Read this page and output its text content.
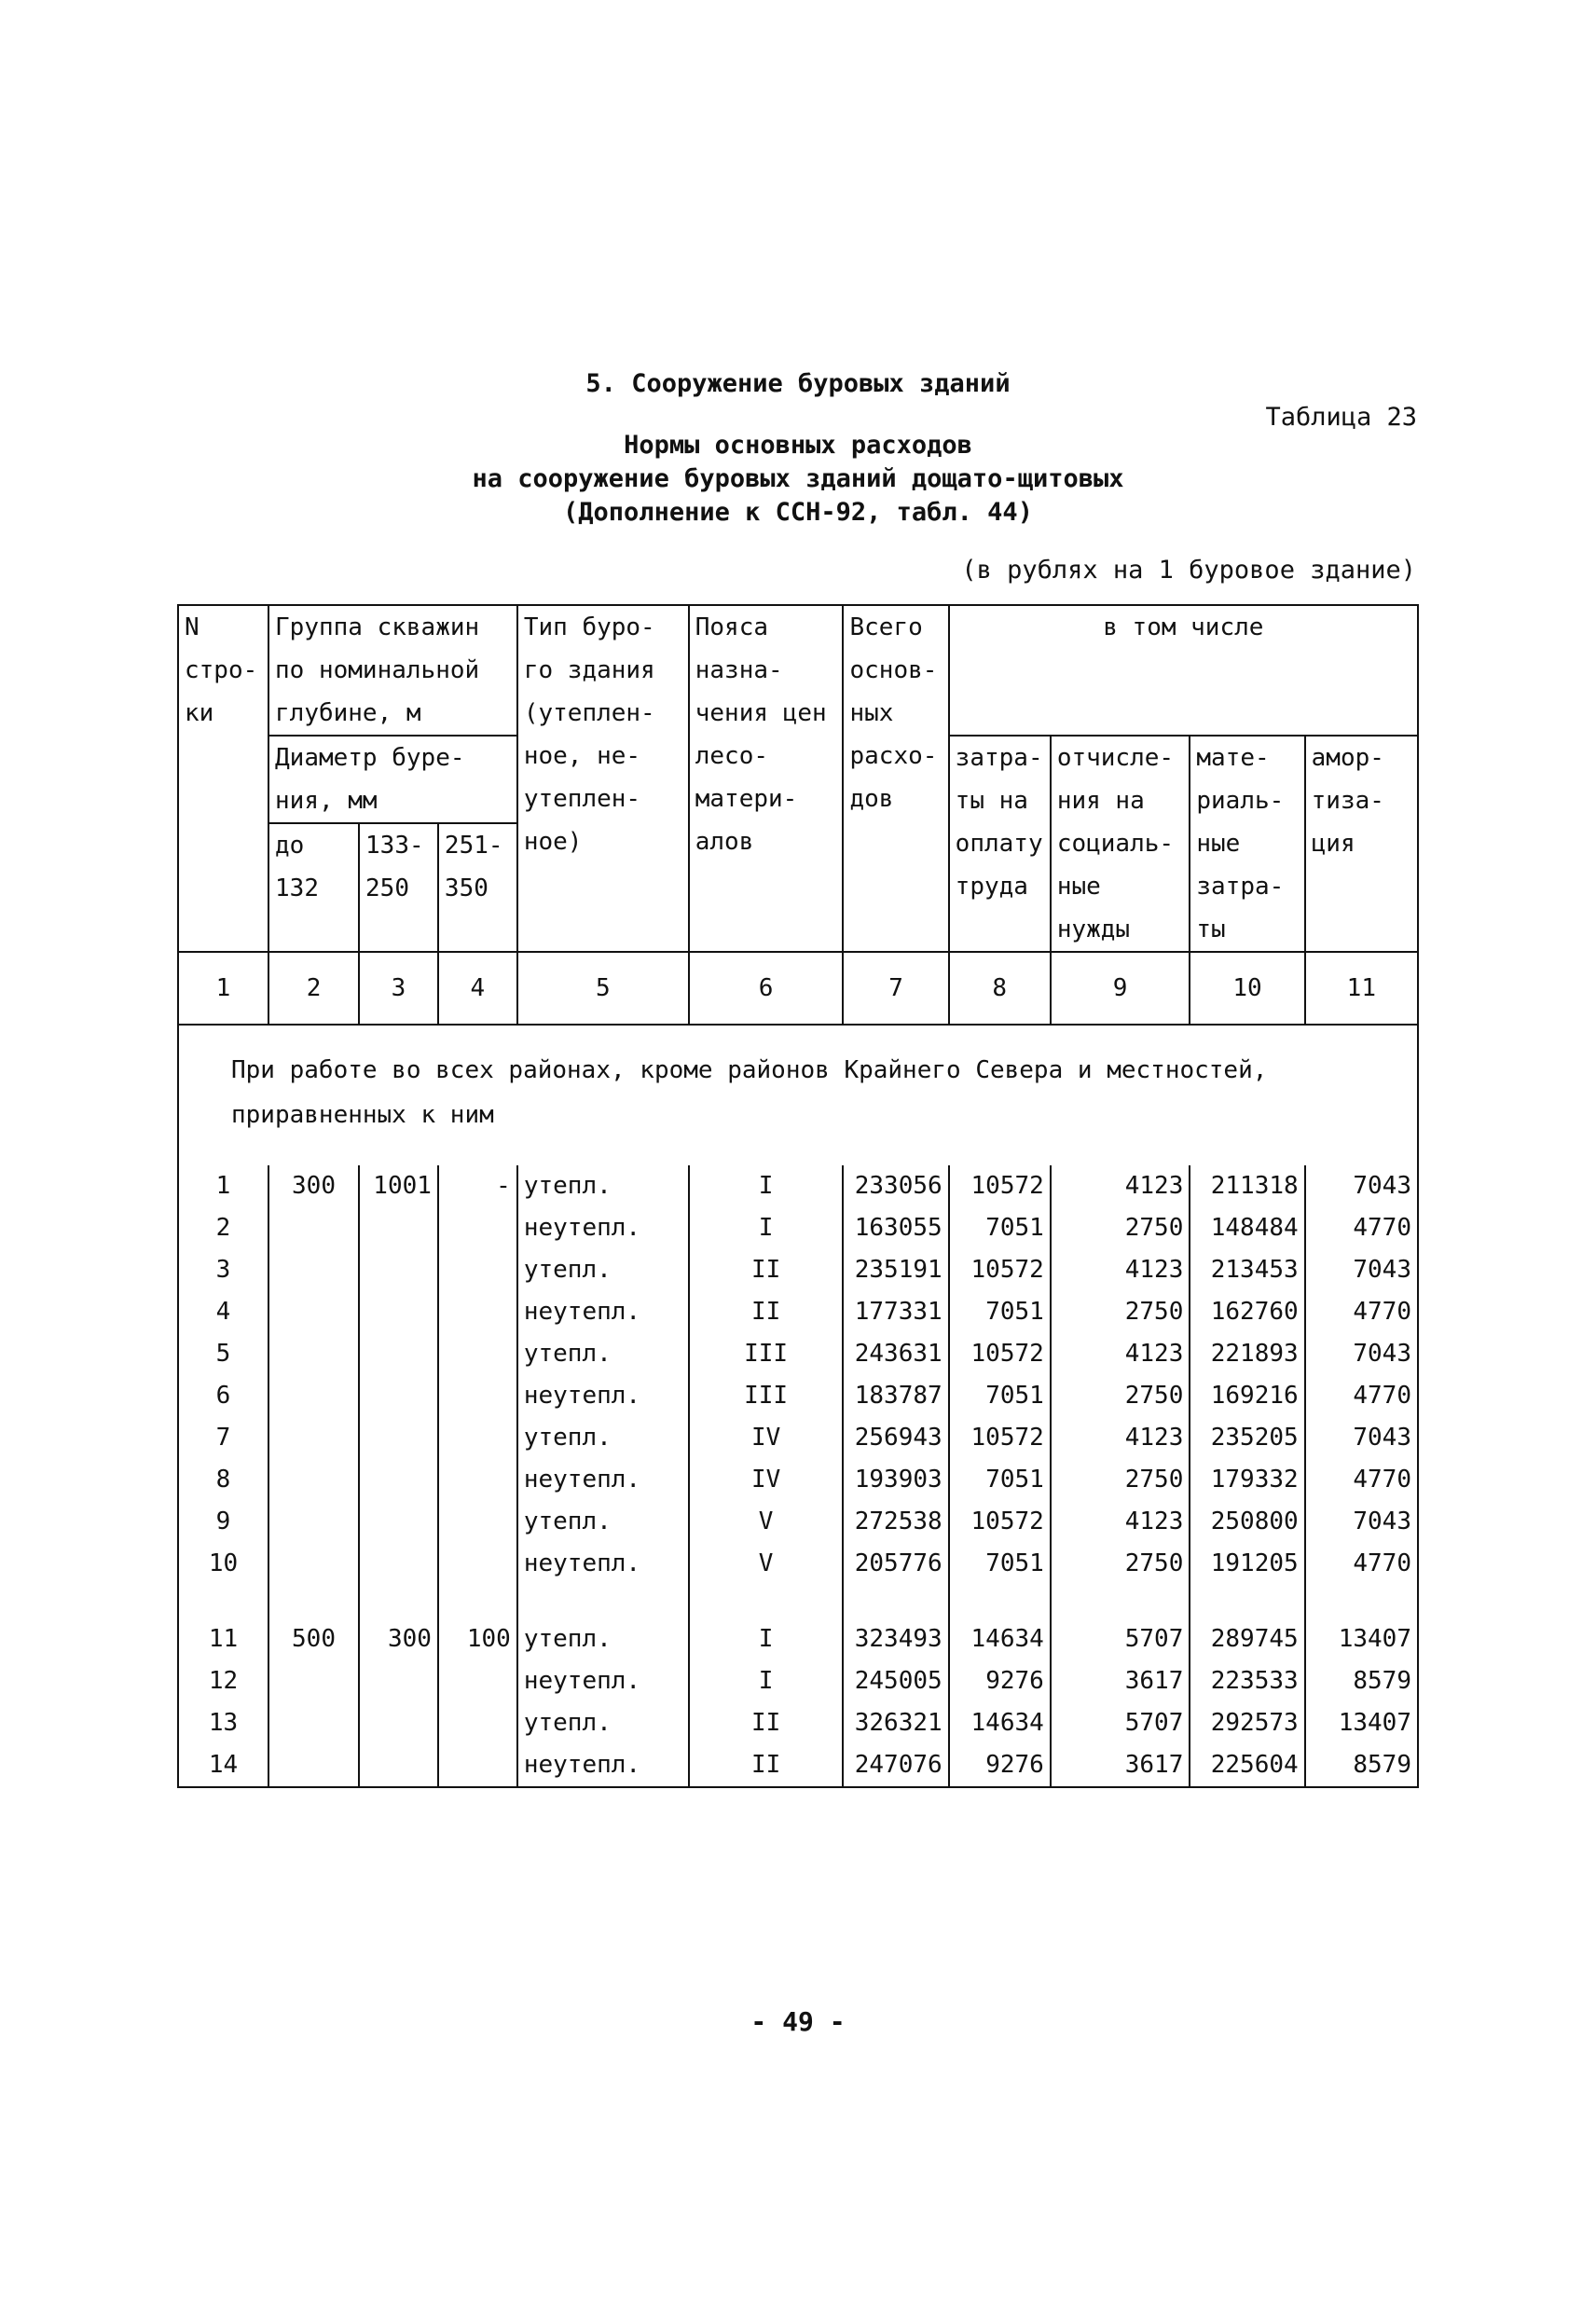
5. Сооружение буровых зданий
Таблица 23
Нормы основных расходов
на сооружение буровых зданий дощато-щитовых
(Дополнение к ССН-92, табл. 44)
(в рублях на 1 буровое здание)
N стро- ки	Группа скважин по номинальной глубине, м			Тип буро- го здания (утеплен- ное, не- утеплен- ное)	Пояса назна- чения цен лесо- матери- алов	Всего основ- ных расхо- дов	в том числе			
	Диаметр буре- ния, мм						затра- ты на оплату труда	отчисле- ния на социаль- ные нужды	мате- риаль- ные затра- ты	амор- тиза- ция
	до 132	133- 250	251- 350							

1	2	3	4	5	6	7	8	9	10	11
При работе во всех районах, кроме районов Крайнего Севера и местностей, приравненных к ним										
1	300	1001	-	утепл.	I	233056	10572	4123	211318	7043
2				неутепл.	I	163055	7051	2750	148484	4770
3				утепл.	II	235191	10572	4123	213453	7043
4				неутепл.	II	177331	7051	2750	162760	4770
5				утепл.	III	243631	10572	4123	221893	7043
6				неутепл.	III	183787	7051	2750	169216	4770
7				утепл.	IV	256943	10572	4123	235205	7043
8				неутепл.	IV	193903	7051	2750	179332	4770
9				утепл.	V	272538	10572	4123	250800	7043
10				неутепл.	V	205776	7051	2750	191205	4770

11	500	300	100	утепл.	I	323493	14634	5707	289745	13407
12				неутепл.	I	245005	9276	3617	223533	8579
13				утепл.	II	326321	14634	5707	292573	13407
14				неутепл.	II	247076	9276	3617	225604	8579
- 49 -
